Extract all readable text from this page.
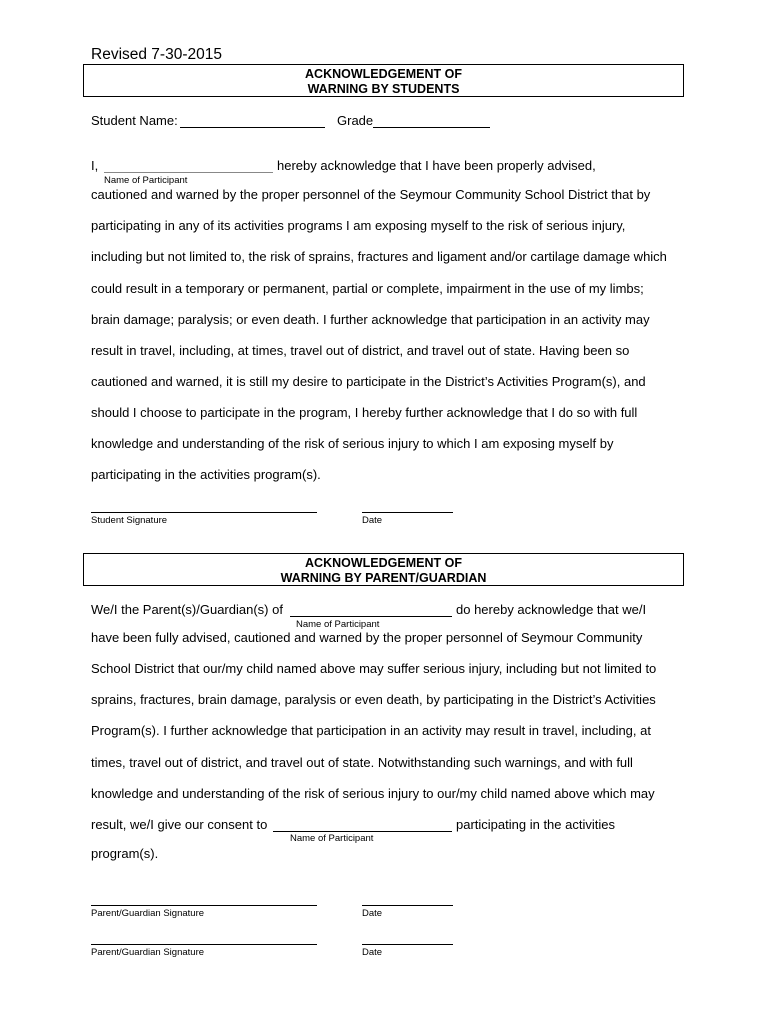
Revised 7-30-2015
ACKNOWLEDGEMENT OF
WARNING BY STUDENTS
Student Name:	Grade
I,	hereby acknowledge that I have been properly advised,
Name of Participant
cautioned and warned by the proper personnel of the Seymour Community School District that by
participating in any of its activities programs I am exposing myself to the risk of serious injury,
including but not limited to, the risk of sprains, fractures and ligament and/or cartilage damage which
could result in a temporary or permanent, partial or complete, impairment in the use of my limbs;
brain damage; paralysis; or even death. I further acknowledge that participation in an activity may
result in travel, including, at times, travel out of district, and travel out of state. Having been so
cautioned and warned, it is still my desire to participate in the District’s Activities Program(s), and
should I choose to participate in the program, I hereby further acknowledge that I do so with full
knowledge and understanding of the risk of serious injury to which I am exposing myself by
participating in the activities program(s).
Student Signature	Date
ACKNOWLEDGEMENT OF
WARNING BY PARENT/GUARDIAN
We/I the Parent(s)/Guardian(s) of	do hereby acknowledge that we/I
Name of Participant
have been fully advised, cautioned and warned by the proper personnel of Seymour Community
School District that our/my child named above may suffer serious injury, including but not limited to
sprains, fractures, brain damage, paralysis or even death, by participating in the District’s Activities
Program(s). I further acknowledge that participation in an activity may result in travel, including, at
times, travel out of district, and travel out of state. Notwithstanding such warnings, and with full
knowledge and understanding of the risk of serious injury to our/my child named above which may
result, we/I give our consent to	participating in the activities
Name of Participant
program(s).
Parent/Guardian Signature	Date
Parent/Guardian Signature	Date
